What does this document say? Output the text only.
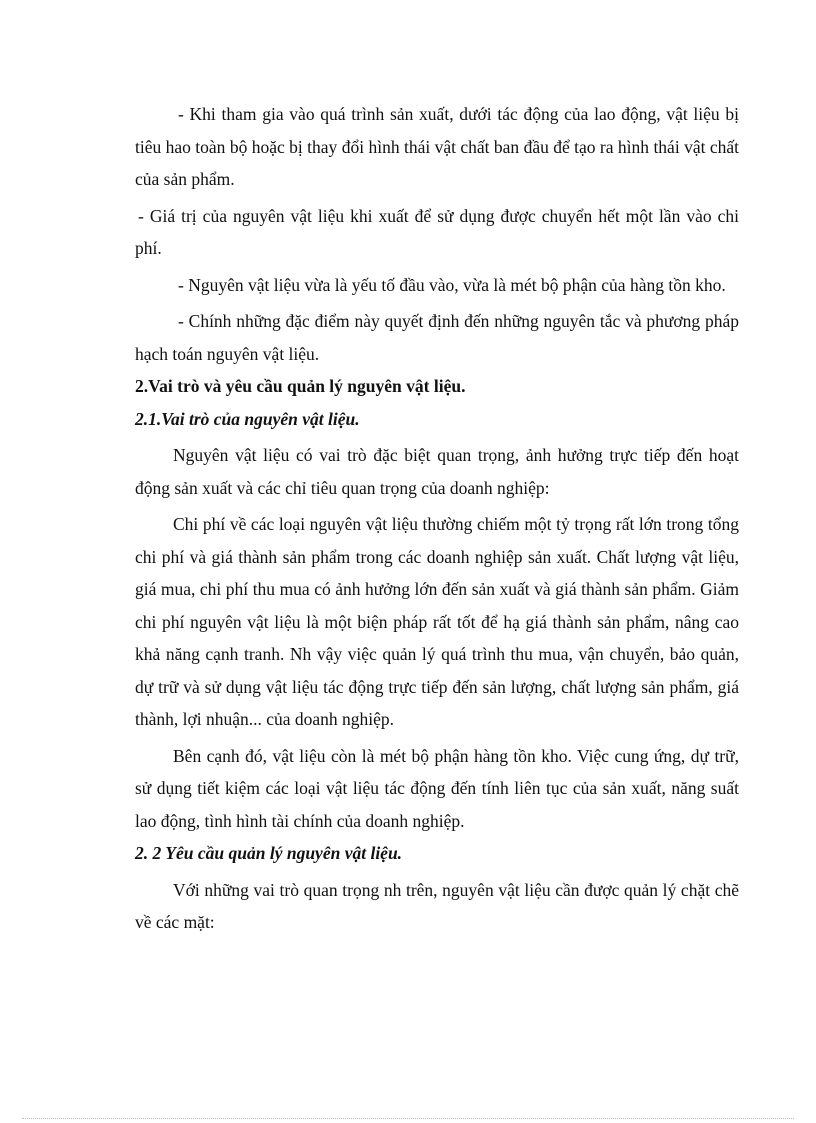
- Khi tham gia vào quá trình sản xuất, dưới tác động của lao động, vật liệu bị tiêu hao toàn bộ hoặc bị thay đổi hình thái vật chất ban đầu để tạo ra hình thái vật chất của sản phẩm.

- Giá trị của nguyên vật liệu khi xuất để sử dụng được chuyển hết một lần vào chi phí.

- Nguyên vật liệu vừa là yếu tố đầu vào, vừa là mét bộ phận của hàng tồn kho.

- Chính những đặc điểm này quyết định đến những nguyên tắc và phương pháp hạch toán nguyên vật liệu.

2.Vai trò và yêu cầu quản lý nguyên vật liệu.
2.1.Vai trò của nguyên vật liệu.

Nguyên vật liệu có vai trò đặc biệt quan trọng, ảnh hưởng trực tiếp đến hoạt động sản xuất và các chỉ tiêu quan trọng của doanh nghiệp:

Chi phí về các loại nguyên vật liệu thường chiếm một tỷ trọng rất lớn trong tổng chi phí và giá thành sản phẩm trong các doanh nghiệp sản xuất. Chất lượng vật liệu, giá mua, chi phí thu mua có ảnh hưởng lớn đến sản xuất và giá thành sản phẩm. Giảm chi phí nguyên vật liệu là một biện pháp rất tốt để hạ giá thành sản phẩm, nâng cao khả năng cạnh tranh. Nh vậy việc quản lý quá trình thu mua, vận chuyển, bảo quản, dự trữ và sử dụng vật liệu tác động trực tiếp đến sản lượng, chất lượng sản phẩm, giá thành, lợi nhuận... của doanh nghiệp.

Bên cạnh đó, vật liệu còn là mét bộ phận hàng tồn kho. Việc cung ứng, dự trữ, sử dụng tiết kiệm các loại vật liệu tác động đến tính liên tục của sản xuất, năng suất lao động, tình hình tài chính của doanh nghiệp.

2. 2 Yêu cầu quản lý nguyên vật liệu.

Với những vai trò quan trọng nh trên, nguyên vật liệu cần được quản lý chặt chẽ về các mặt:
